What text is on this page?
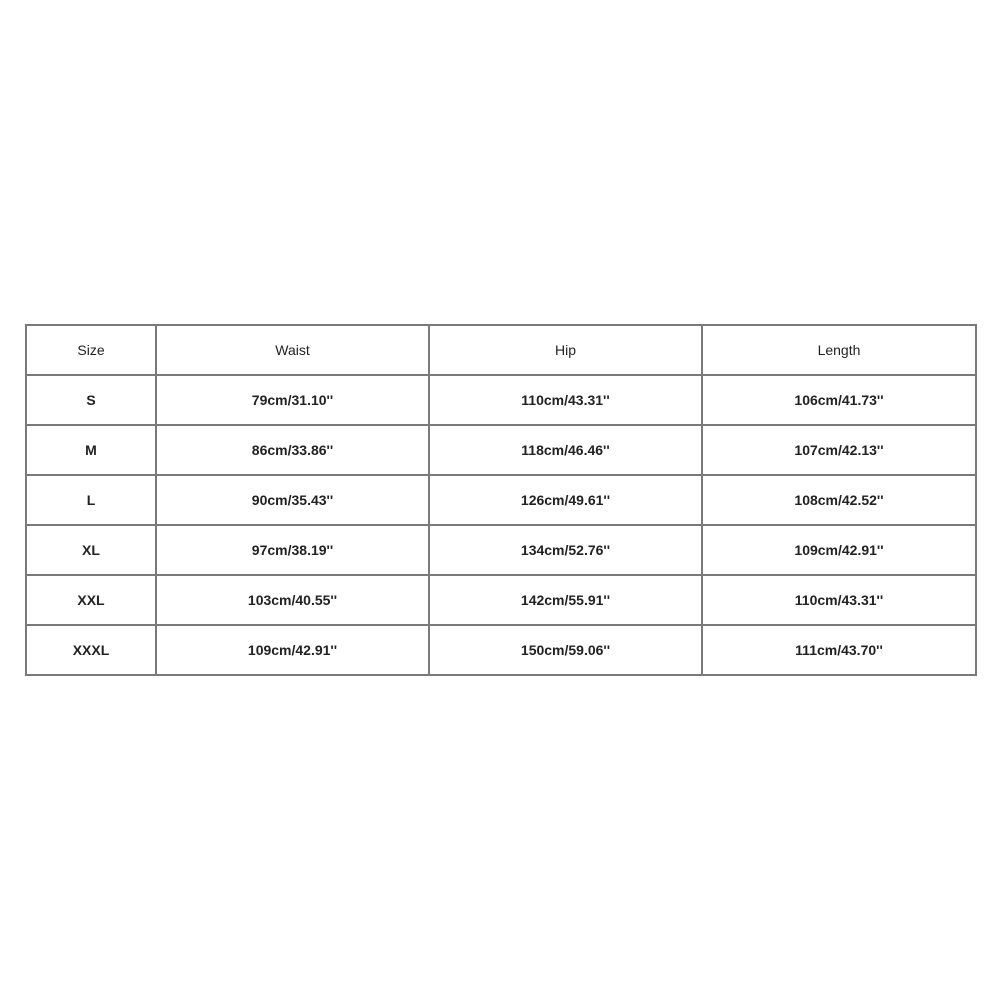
Size	Waist	Hip	Length
S	79cm/31.10''	110cm/43.31''	106cm/41.73''
M	86cm/33.86''	118cm/46.46''	107cm/42.13''
L	90cm/35.43''	126cm/49.61''	108cm/42.52''
XL	97cm/38.19''	134cm/52.76''	109cm/42.91''
XXL	103cm/40.55''	142cm/55.91''	110cm/43.31''
XXXL	109cm/42.91''	150cm/59.06''	111cm/43.70''
